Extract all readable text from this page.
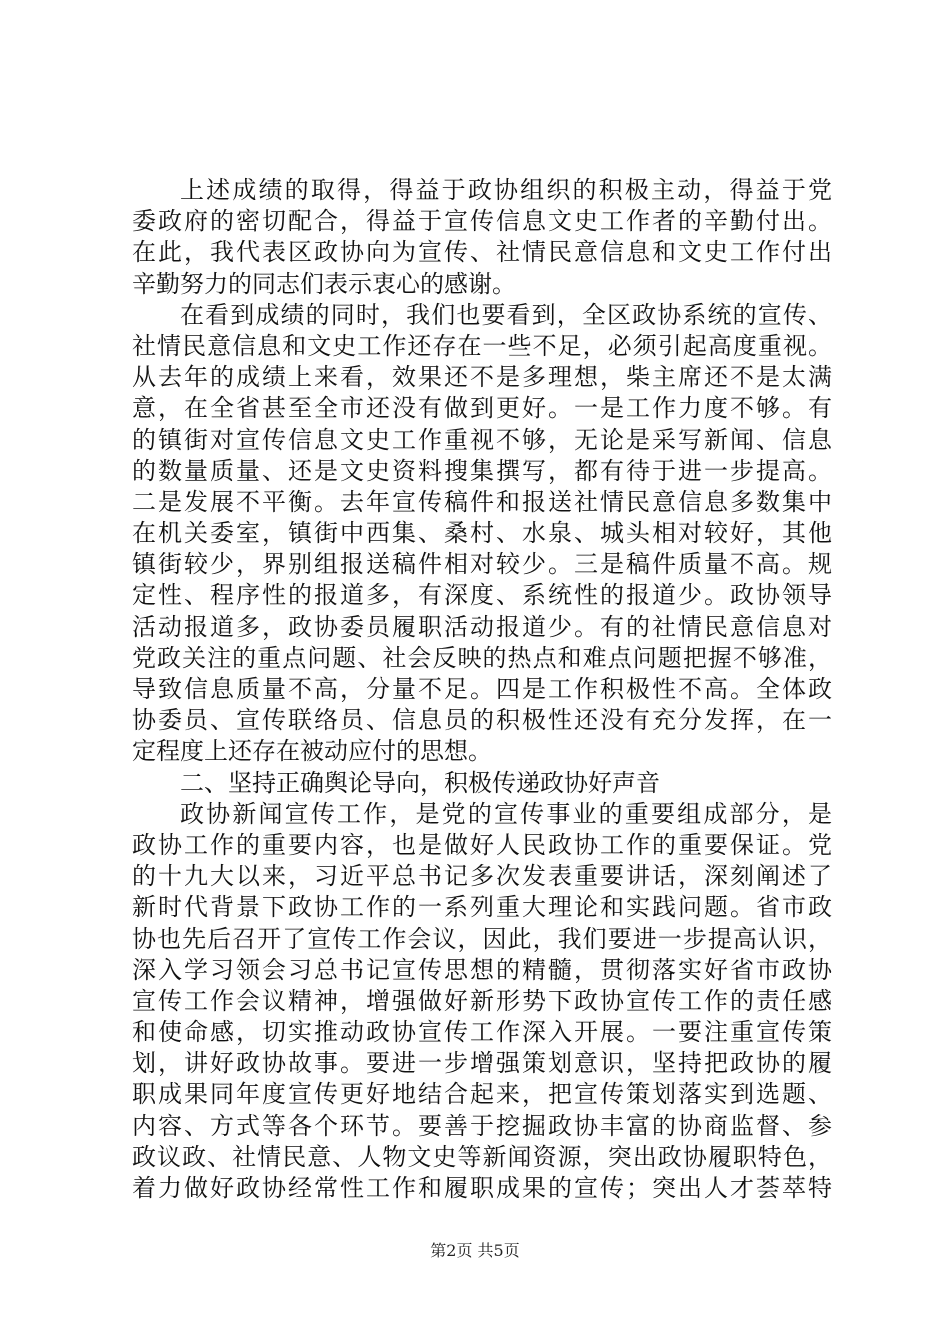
上述成绩的取得，得益于政协组织的积极主动，得益于党
委政府的密切配合，得益于宣传信息文史工作者的辛勤付出。
在此，我代表区政协向为宣传、社情民意信息和文史工作付出
辛勤努力的同志们表示衷心的感谢。
在看到成绩的同时，我们也要看到，全区政协系统的宣传、
社情民意信息和文史工作还存在一些不足，必须引起高度重视。
从去年的成绩上来看，效果还不是多理想，柴主席还不是太满
意，在全省甚至全市还没有做到更好。一是工作力度不够。有
的镇街对宣传信息文史工作重视不够，无论是采写新闻、信息
的数量质量、还是文史资料搜集撰写，都有待于进一步提高。
二是发展不平衡。去年宣传稿件和报送社情民意信息多数集中
在机关委室，镇街中西集、桑村、水泉、城头相对较好，其他
镇街较少，界别组报送稿件相对较少。三是稿件质量不高。规
定性、程序性的报道多，有深度、系统性的报道少。政协领导
活动报道多，政协委员履职活动报道少。有的社情民意信息对
党政关注的重点问题、社会反映的热点和难点问题把握不够准，
导致信息质量不高，分量不足。四是工作积极性不高。全体政
协委员、宣传联络员、信息员的积极性还没有充分发挥，在一
定程度上还存在被动应付的思想。
二、坚持正确舆论导向，积极传递政协好声音
政协新闻宣传工作，是党的宣传事业的重要组成部分，是
政协工作的重要内容，也是做好人民政协工作的重要保证。党
的十九大以来，习近平总书记多次发表重要讲话，深刻阐述了
新时代背景下政协工作的一系列重大理论和实践问题。省市政
协也先后召开了宣传工作会议，因此，我们要进一步提高认识，
深入学习领会习总书记宣传思想的精髓，贯彻落实好省市政协
宣传工作会议精神，增强做好新形势下政协宣传工作的责任感
和使命感，切实推动政协宣传工作深入开展。一要注重宣传策
划，讲好政协故事。要进一步增强策划意识，坚持把政协的履
职成果同年度宣传更好地结合起来，把宣传策划落实到选题、
内容、方式等各个环节。要善于挖掘政协丰富的协商监督、参
政议政、社情民意、人物文史等新闻资源，突出政协履职特色，
着力做好政协经常性工作和履职成果的宣传；突出人才荟萃特
第2页 共5页
